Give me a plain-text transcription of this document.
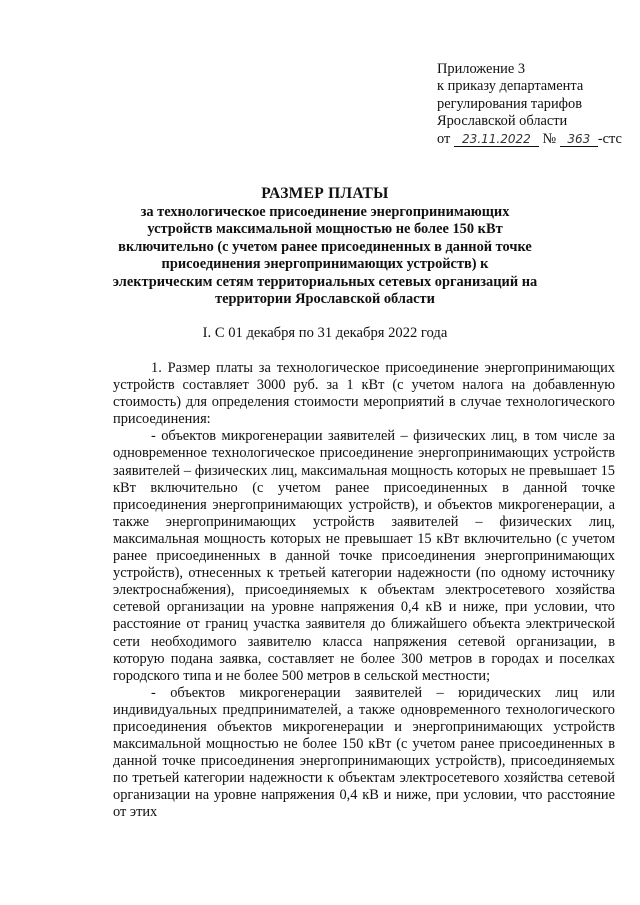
Приложение 3
к приказу департамента
регулирования тарифов
Ярославской области
от 23.11.2022 № 363 -стс
РАЗМЕР ПЛАТЫ
за технологическое присоединение энергопринимающих устройств максимальной мощностью не более 150 кВт включительно (с учетом ранее присоединенных в данной точке присоединения энергопринимающих устройств) к электрическим сетям территориальных сетевых организаций на территории Ярославской области
I. С 01 декабря по 31 декабря 2022 года

1. Размер платы за технологическое присоединение энергопринимающих устройств составляет 3000 руб. за 1 кВт (с учетом налога на добавленную стоимость) для определения стоимости мероприятий в случае технологического присоединения:

- объектов микрогенерации заявителей – физических лиц, в том числе за одновременное технологическое присоединение энергопринимающих устройств заявителей – физических лиц, максимальная мощность которых не превышает 15 кВт включительно (с учетом ранее присоединенных в данной точке присоединения энергопринимающих устройств), и объектов микрогенерации, а также энергопринимающих устройств заявителей – физических лиц, максимальная мощность которых не превышает 15 кВт включительно (с учетом ранее присоединенных в данной точке присоединения энергопринимающих устройств), отнесенных к третьей категории надежности (по одному источнику электроснабжения), присоединяемых к объектам электросетевого хозяйства сетевой организации на уровне напряжения 0,4 кВ и ниже, при условии, что расстояние от границ участка заявителя до ближайшего объекта электрической сети необходимого заявителю класса напряжения сетевой организации, в которую подана заявка, составляет не более 300 метров в городах и поселках городского типа и не более 500 метров в сельской местности;

- объектов микрогенерации заявителей – юридических лиц или индивидуальных предпринимателей, а также одновременного технологического присоединения объектов микрогенерации и энергопринимающих устройств максимальной мощностью не более 150 кВт (с учетом ранее присоединенных в данной точке присоединения энергопринимающих устройств), присоединяемых по третьей категории надежности к объектам электросетевого хозяйства сетевой организации на уровне напряжения 0,4 кВ и ниже, при условии, что расстояние от этих
